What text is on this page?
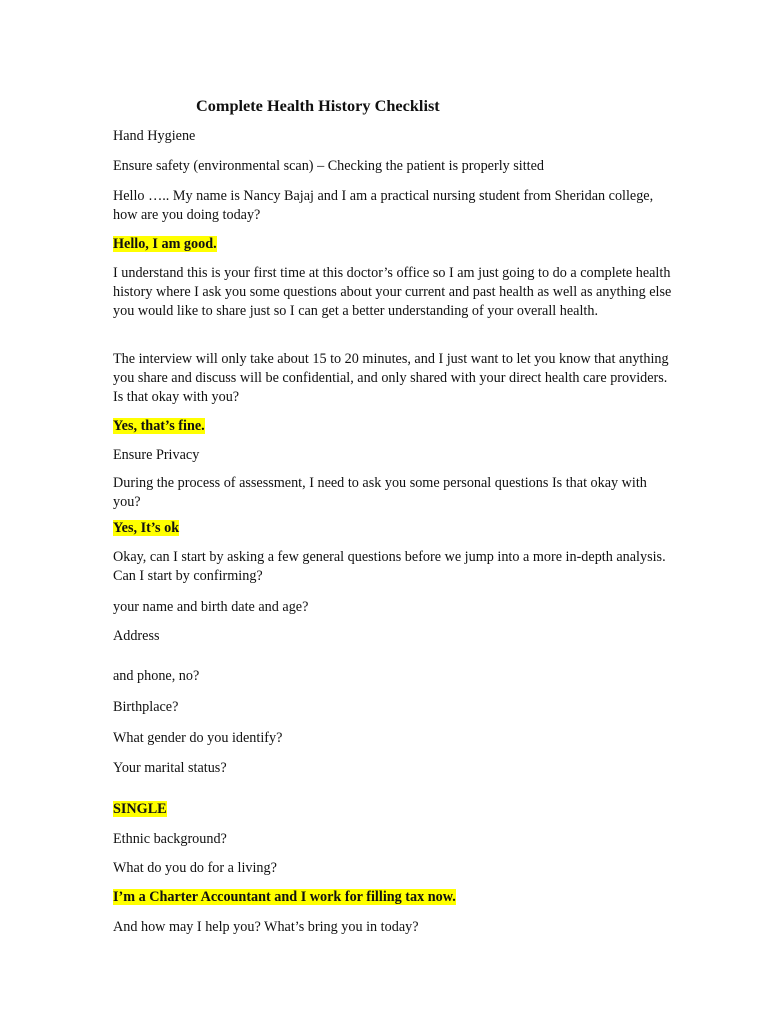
Complete Health History Checklist

Hand Hygiene

Ensure safety (environmental scan) – Checking the patient is properly sitted

Hello ….. My name is Nancy Bajaj and I am a practical nursing student from Sheridan college, how are you doing today?

Hello, I am good.

I understand this is your first time at this doctor’s office so I am just going to do a complete health history where I ask you some questions about your current and past health as well as anything else you would like to share just so I can get a better understanding of your overall health.

The interview will only take about 15 to 20 minutes, and I just want to let you know that anything you share and discuss will be confidential, and only shared with your direct health care providers. Is that okay with you?

Yes, that’s fine.

Ensure Privacy

During the process of assessment, I need to ask you some personal questions Is that okay with you?

Yes, It’s ok

Okay, can I start by asking a few general questions before we jump into a more in-depth analysis. Can I start by confirming?

your name and birth date and age?

Address

and phone, no?

Birthplace?

What gender do you identify?

Your marital status?

SINGLE

Ethnic background?

What do you do for a living?

I’m a Charter Accountant and I work for filling tax now.

And how may I help you? What’s bring you in today?
